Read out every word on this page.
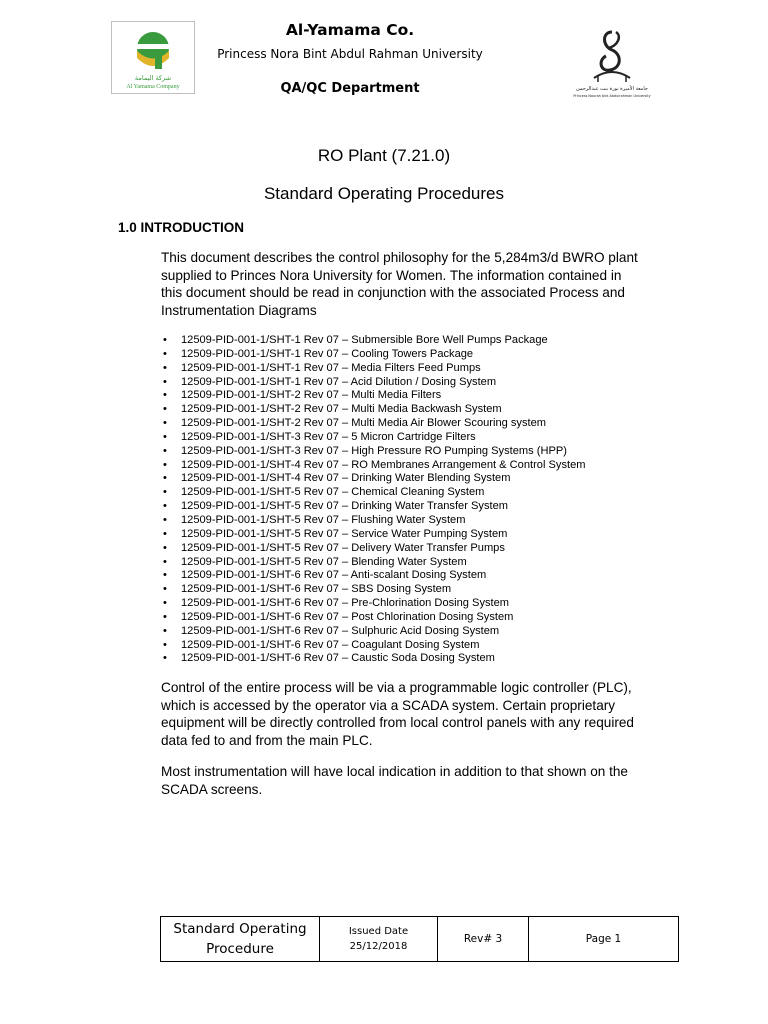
شركة اليمامة
Al Yamama Company
Al-Yamama Co.
Princess Nora Bint Abdul Rahman University
QA/QC Department	جامعة الأميرة نورة بنت عبدالرحمن
Princess Nourah bint Abdulrahman University
RO Plant (7.21.0)
Standard Operating Procedures
1.0 INTRODUCTION
This document describes the control philosophy for the 5,284m3/d BWRO plant supplied to Princes Nora University for Women. The information contained in this document should be read in conjunction with the associated Process and Instrumentation Diagrams
• 12509-PID-001-1/SHT-1 Rev 07 – Submersible Bore Well Pumps Package
• 12509-PID-001-1/SHT-1 Rev 07 – Cooling Towers Package
• 12509-PID-001-1/SHT-1 Rev 07 – Media Filters Feed Pumps
• 12509-PID-001-1/SHT-1 Rev 07 – Acid Dilution / Dosing System
• 12509-PID-001-1/SHT-2 Rev 07 – Multi Media Filters
• 12509-PID-001-1/SHT-2 Rev 07 – Multi Media Backwash System
• 12509-PID-001-1/SHT-2 Rev 07 – Multi Media Air Blower Scouring system
• 12509-PID-001-1/SHT-3 Rev 07 – 5 Micron Cartridge Filters
• 12509-PID-001-1/SHT-3 Rev 07 – High Pressure RO Pumping Systems (HPP)
• 12509-PID-001-1/SHT-4 Rev 07 – RO Membranes Arrangement & Control System
• 12509-PID-001-1/SHT-4 Rev 07 – Drinking Water Blending System
• 12509-PID-001-1/SHT-5 Rev 07 – Chemical Cleaning System
• 12509-PID-001-1/SHT-5 Rev 07 – Drinking Water Transfer System
• 12509-PID-001-1/SHT-5 Rev 07 – Flushing Water System
• 12509-PID-001-1/SHT-5 Rev 07 – Service Water Pumping System
• 12509-PID-001-1/SHT-5 Rev 07 – Delivery Water Transfer Pumps
• 12509-PID-001-1/SHT-5 Rev 07 – Blending Water System
• 12509-PID-001-1/SHT-6 Rev 07 – Anti-scalant Dosing System
• 12509-PID-001-1/SHT-6 Rev 07 – SBS Dosing System
• 12509-PID-001-1/SHT-6 Rev 07 – Pre-Chlorination Dosing System
• 12509-PID-001-1/SHT-6 Rev 07 – Post Chlorination Dosing System
• 12509-PID-001-1/SHT-6 Rev 07 – Sulphuric Acid Dosing System
• 12509-PID-001-1/SHT-6 Rev 07 – Coagulant Dosing System
• 12509-PID-001-1/SHT-6 Rev 07 – Caustic Soda Dosing System
Control of the entire process will be via a programmable logic controller (PLC), which is accessed by the operator via a SCADA system. Certain proprietary equipment will be directly controlled from local control panels with any required data fed to and from the main PLC.
Most instrumentation will have local indication in addition to that shown on the SCADA screens.
Standard Operating
Procedure
Issued Date
25/12/2018
Rev# 3	Page 1
